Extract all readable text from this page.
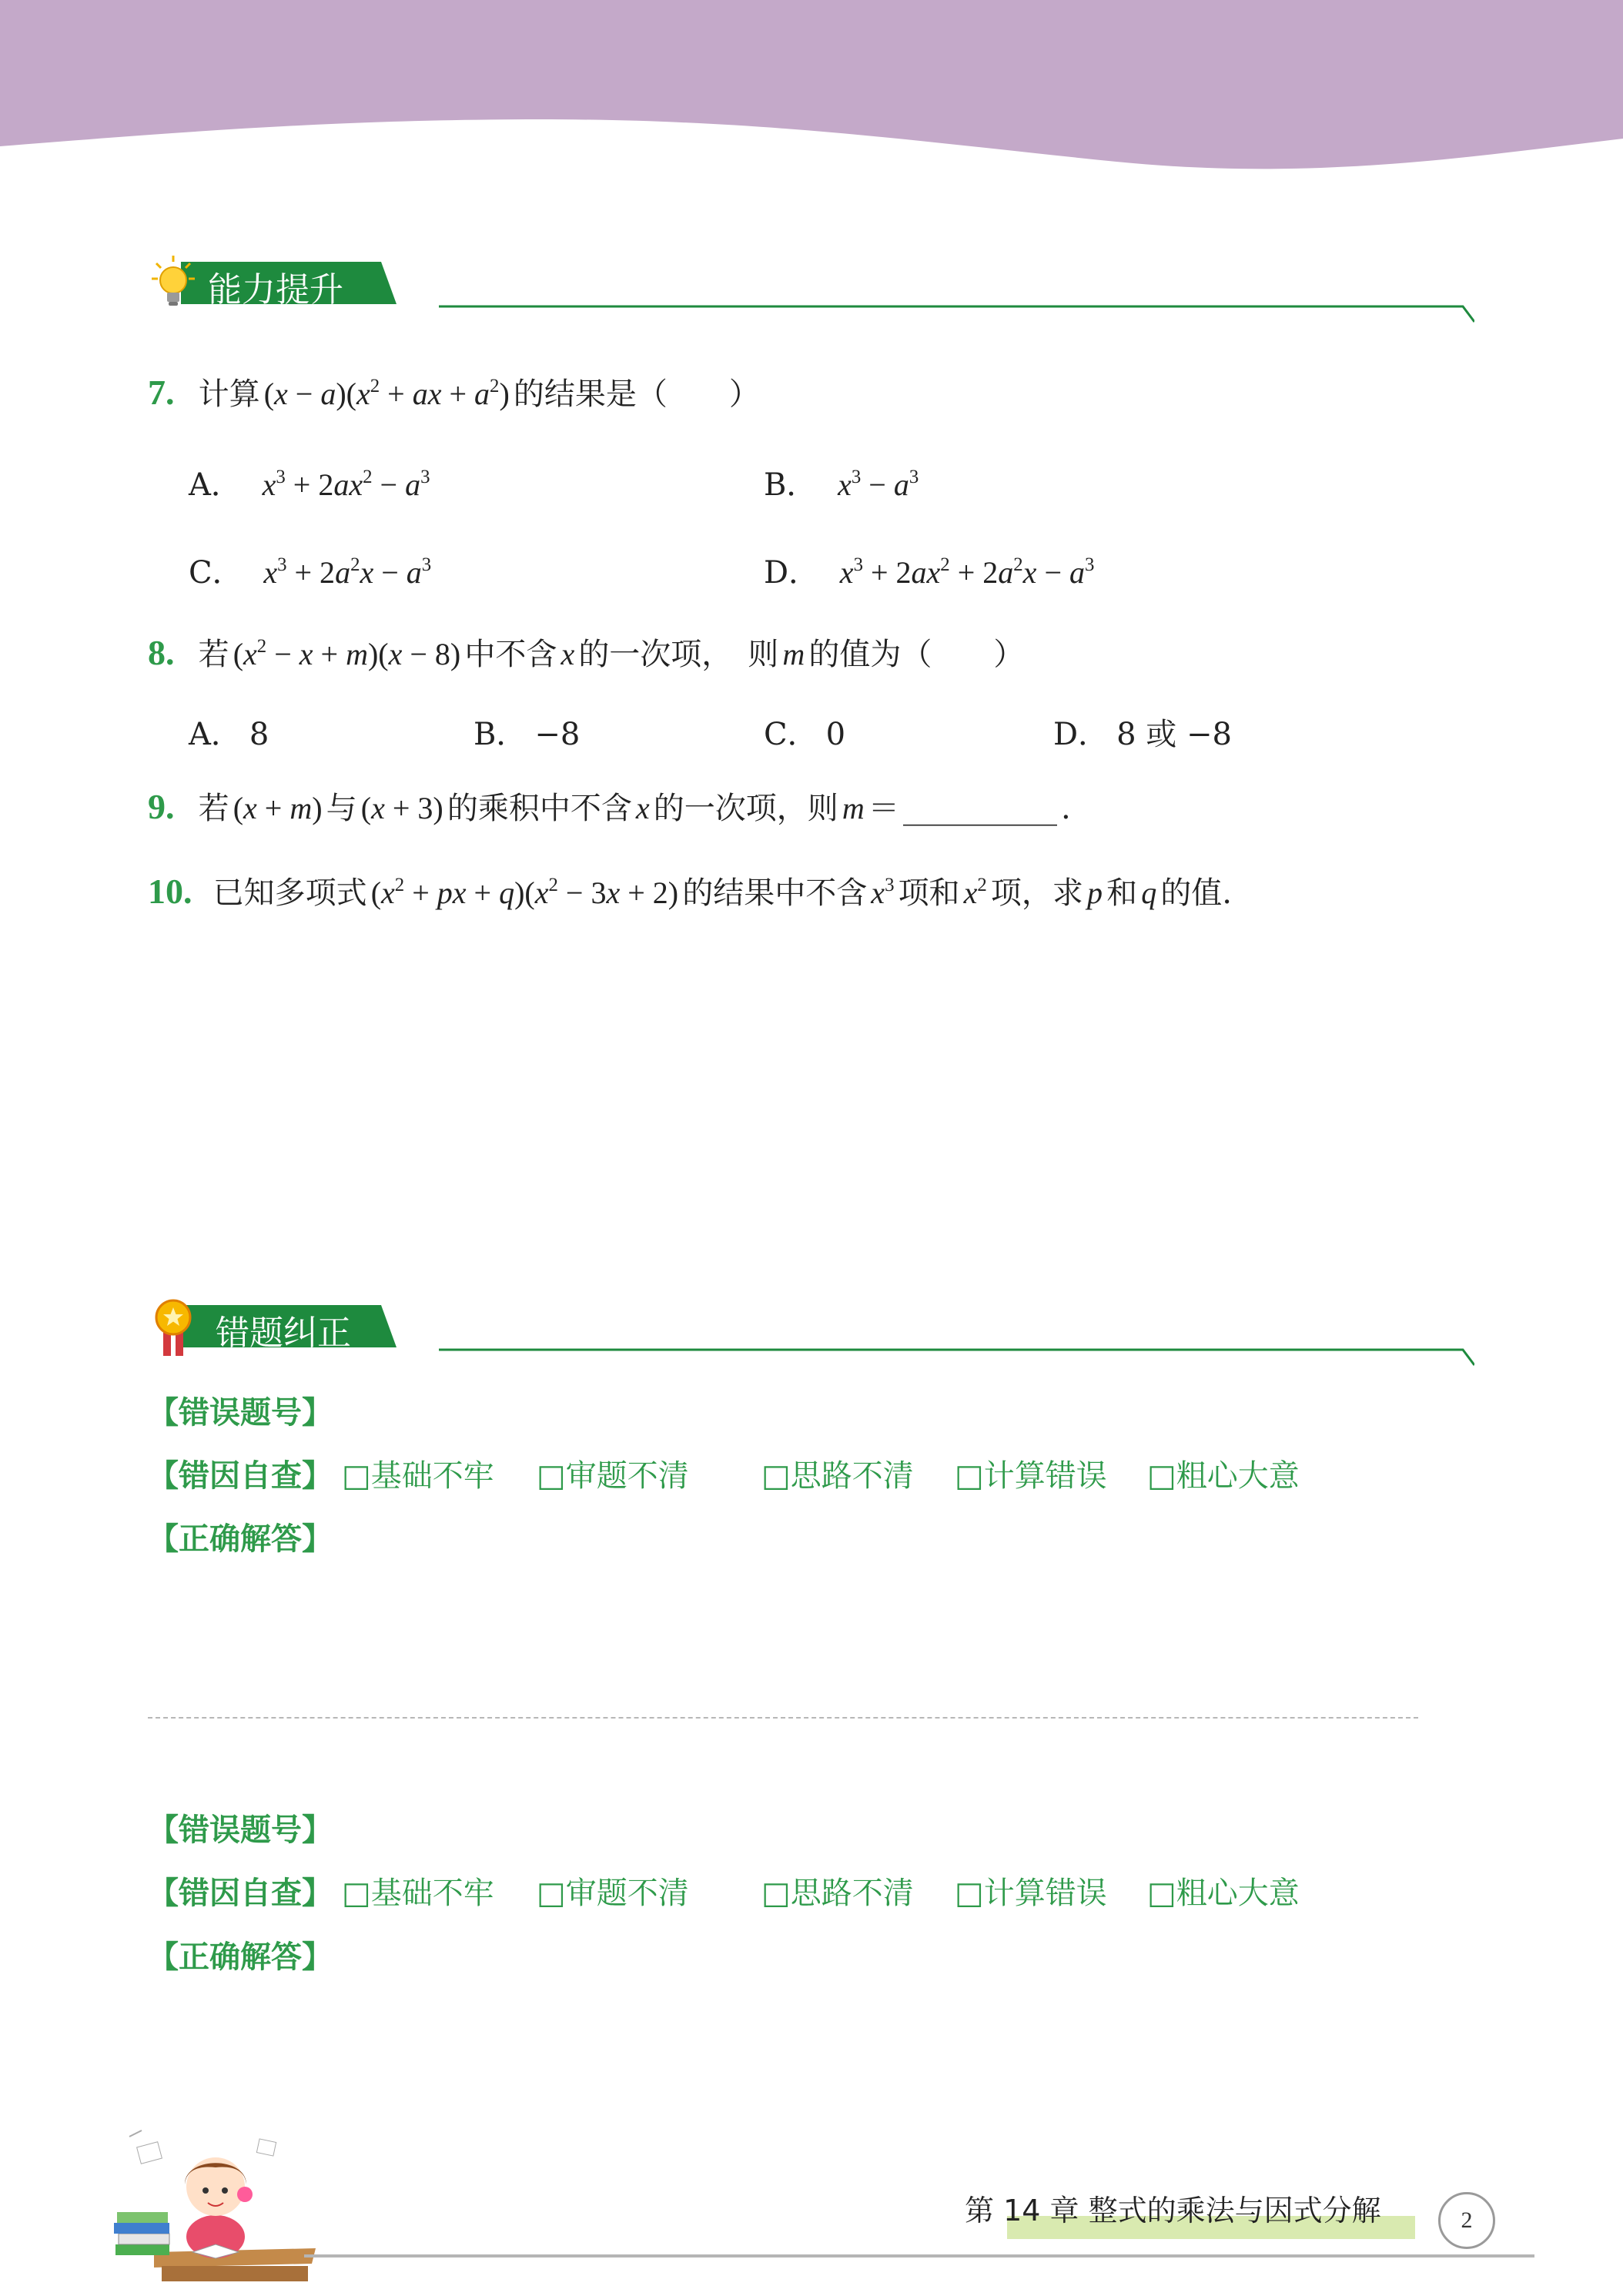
能力提升
7. 计算 $(x - a)(x^2$ + ax + $a^2$) 的结果是（　　）
A． $x^3 + 2ax^2 - a^3$	B． $x^3 - a^3$
C． $x^3 + 2a^2x - a^3$	D． $x^3 + 2ax^2 + 2a^2x - a^3$
8. 若 $(x^2 - x + m)(x - 8)$ 中不含 x 的一次项，　则 m 的值为（　　）
A． 8	B． −8	C． 0	D． 8 或 −8
9. 若 (x + m) 与 (x + 3) 的乘积中不含 x 的一次项，则 m ＝ __________ .
10. 已知多项式 ($x^2$ + px + $q)(x^2 - 3x + 2)$ 的结果中不含 $x^3$ 项和 $x^2$ 项，求 p 和 q 的值.
错题纠正
【错误题号】
【错因自查】 □基础不牢 □审题不清 □思路不清 □计算错误 □粗心大意
【正确解答】
【错误题号】
【错因自查】 □基础不牢 □审题不清 □思路不清 □计算错误 □粗心大意
【正确解答】
第 14 章 整式的乘法与因式分解	2
